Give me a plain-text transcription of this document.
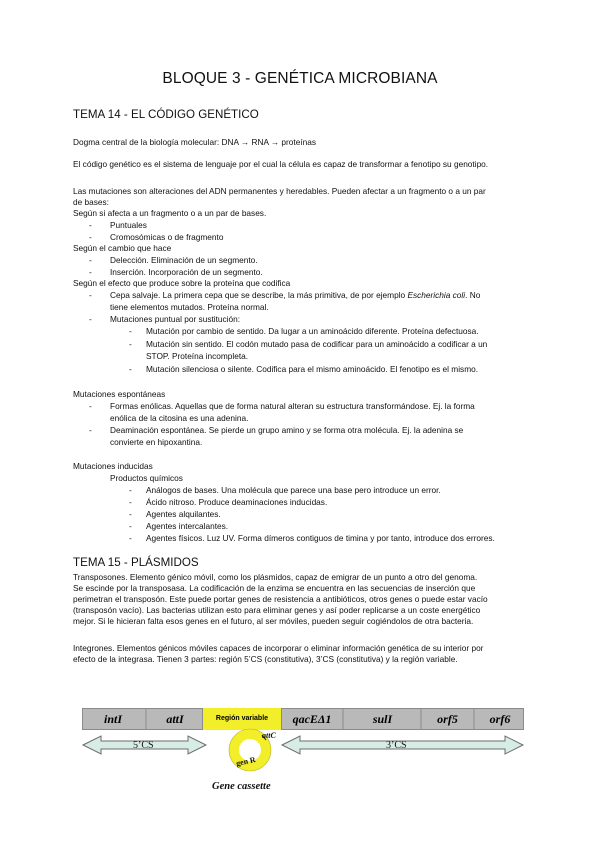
BLOQUE 3 - GENÉTICA MICROBIANA
TEMA 14 - EL CÓDIGO GENÉTICO
Dogma central de la biología molecular: DNA → RNA → proteínas
El código genético es el sistema de lenguaje por el cual la célula es capaz de transformar a fenotipo su genotipo.
Las mutaciones son alteraciones del ADN permanentes y heredables. Pueden afectar a un fragmento o a un par
de bases:
Según si afecta a un fragmento o a un par de bases.
- Puntuales
- Cromosómicas o de fragmento
Según el cambio que hace
- Delección. Eliminación de un segmento.
- Inserción. Incorporación de un segmento.
Según el efecto que produce sobre la proteína que codifica
- Cepa salvaje. La primera cepa que se describe, la más primitiva, de por ejemplo Escherichia coli. No
tiene elementos mutados. Proteína normal.
- Mutaciones puntual por sustitución:
- Mutación por cambio de sentido. Da lugar a un aminoácido diferente. Proteína defectuosa.
- Mutación sin sentido. El codón mutado pasa de codificar para un aminoácido a codificar a un
STOP. Proteína incompleta.
- Mutación silenciosa o silente. Codifica para el mismo aminoácido. El fenotipo es el mismo.
Mutaciones espontáneas
- Formas enólicas. Aquellas que de forma natural alteran su estructura transformándose. Ej. la forma
enólica de la citosina es una adenina.
- Deaminación espontánea. Se pierde un grupo amino y se forma otra molécula. Ej. la adenina se
convierte en hipoxantina.
Mutaciones inducidas
Productos químicos
- Análogos de bases. Una molécula que parece una base pero introduce un error.
- Ácido nitroso. Produce deaminaciones inducidas.
- Agentes alquilantes.
- Agentes intercalantes.
- Agentes físicos. Luz UV. Forma dímeros contiguos de timina y por tanto, introduce dos errores.
TEMA 15 - PLÁSMIDOS
Transposones. Elemento génico móvil, como los plásmidos, capaz de emigrar de un punto a otro del genoma.
Se escinde por la transposasa. La codificación de la enzima se encuentra en las secuencias de inserción que
perimetran el transposón. Este puede portar genes de resistencia a antibióticos, otros genes o puede estar vacío
(transposón vacío). Las bacterias utilizan esto para eliminar genes y así poder replicarse a un coste energético
mejor. Si le hicieran falta esos genes en el futuro, al ser móviles, pueden seguir cogiéndolos de otra bacteria.
Integrones. Elementos génicos móviles capaces de incorporar o eliminar información genética de su interior por
efecto de la integrasa. Tienen 3 partes: región 5’CS (constitutiva), 3’CS (constitutiva) y la región variable.
intI	attI	Región variable	qacEΔ1	sulI	orf5	orf6
5’CS	3’CS
attC
gen R
Gene cassette
